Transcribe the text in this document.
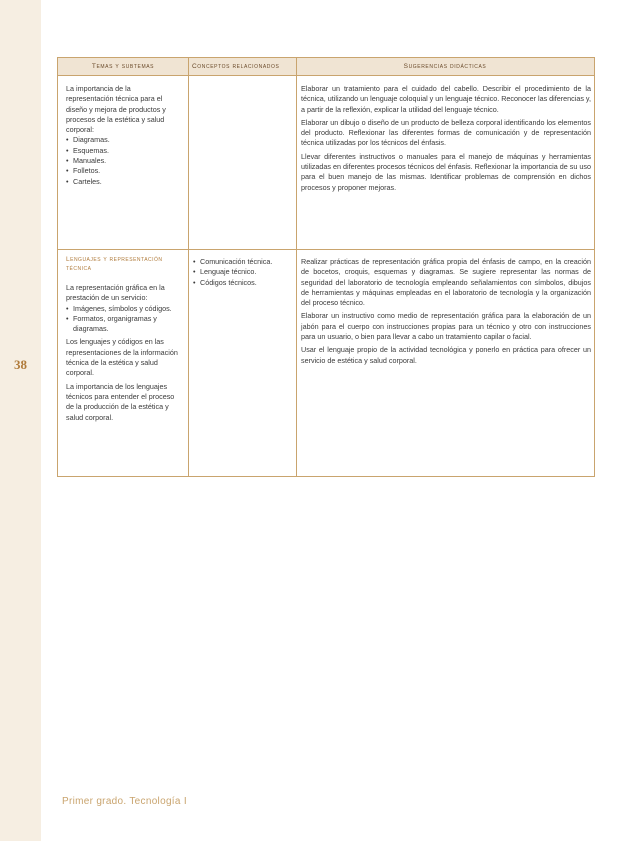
38
Temas y subtemas	Conceptos relacionados	Sugerencias didácticas

La importancia de la representación técnica para el diseño y mejora de productos y procesos de la estética y salud corporal:

• Diagramas.
• Esquemas.
• Manuales.
• Folletos.
• Carteles.

Elaborar un tratamiento para el cuidado del cabello. Describir el procedimiento de la técnica, utilizando un lenguaje coloquial y un lenguaje técnico. Reconocer las diferencias y, a partir de la reflexión, explicar la utilidad del lenguaje técnico.

Elaborar un dibujo o diseño de un producto de belleza corporal identificando los elementos del producto. Reflexionar las diferentes formas de comunicación y de representación técnica utilizadas por los técnicos del énfasis.

Llevar diferentes instructivos o manuales para el manejo de máquinas y herramientas utilizadas en diferentes procesos técnicos del énfasis. Reflexionar la importancia de su uso para el buen manejo de las mismas. Identificar problemas de comprensión en dichos procesos y proponer mejoras.

Lenguajes y representación técnica

La representación gráfica en la prestación de un servicio:

• Imágenes, símbolos y códigos.
• Formatos, organigramas y diagramas.

Los lenguajes y códigos en las representaciones de la información técnica de la estética y salud corporal.

La importancia de los lenguajes técnicos para entender el proceso de la producción de la estética y salud corporal.

• Comunicación técnica.
• Lenguaje técnico.
• Códigos técnicos.

Realizar prácticas de representación gráfica propia del énfasis de campo, en la creación de bocetos, croquis, esquemas y diagramas. Se sugiere representar las normas de seguridad del laboratorio de tecnología empleando señalamientos con símbolos, dibujos de herramientas y máquinas empleadas en el laboratorio de tecnología y la organización del proceso técnico.

Elaborar un instructivo como medio de representación gráfica para la elaboración de un jabón para el cuerpo con instrucciones propias para un técnico y otro con instrucciones para un usuario, o bien para llevar a cabo un tratamiento capilar o facial.

Usar el lenguaje propio de la actividad tecnológica y ponerlo en práctica para ofrecer un servicio de estética y salud corporal.

Primer grado. Tecnología I
